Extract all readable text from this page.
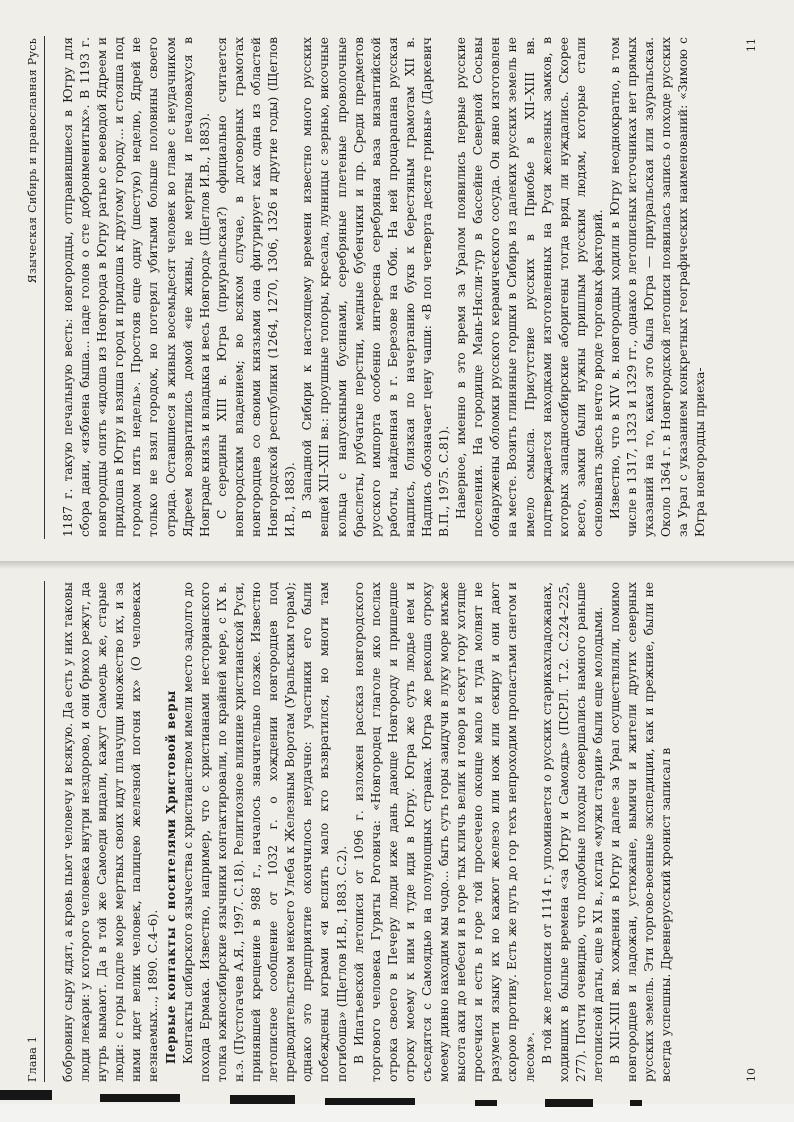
Глава 1 бобровину сыру ядят, а кровь пьют человечу и всякую. Да есть у них таковы люди лекари: у которого человека внутри нездорово, и они брюхо режут, да нутрь вымают. Да в той же Самоеди видали, кажут Самоедь же, старые люди: с горы подле море мертвых своих идут плачущи множество их, и за ними идет велик человек, палицею железной погоня их» (О человеках незнаемых..., 1890. С.4–6). Первые контакты с носителями Христовой веры Контакты сибирского язычества с христианством имели место задолго до похода Ермака. Известно, например, что с христианами несторианского толка южносибирские язычники контактировали, по крайней мере, с IX в. н.э. (Пустогачев А.Я., 1997. С.18). Религиозное влияние христианской Руси, принявшей крещение в 988 г., началось значительно позже. Известно летописное сообщение от 1032 г. о хождении новгородцев под предводительством некоего Улеба к Железным Воротам (Уральским горам); однако это предприятие окончилось неудачно: участники его были побеждены юграми «и вспять мало кто възвратился, но многи там погибоша» (Щеглов И.В., 1883. С.2). В Ипатьевской летописи от 1096 г. изложен рассказ новгородского торгового человека Гуряты Роговича: «Новгородец глаголе яко послах отрока своего в Печеру люди иже дань дающе Новгороду и пришедше отроку моему к ним и туде иди в Югру. Югра же суть людье нем и съседятся с Самоядью на полунощных странах. Югра же рекоша отроку моему дивно находим мы чодо... быть суть горы заидучи в луку море имъже высота аки до небеси и в горе тых кличь велик и говор и секут гору хотяще просечися и есть в горе той просечено оконце мало и туда молвят не разумети языку их но кажют железо или нож или секиру и они дают скорою противу. Есть же путь до гор техъ непроходим пропастьми снегом и лесом». В той же летописи от 1114 г. упоминается о русских старикахладожанах, ходивших в былые времена «за Югру и Самоядь» (ПСРЛ. Т.2. С.224–225, 277). Почти очевидно, что подобные походы совершались намного раньше летописной даты, еще в XI в., когда «мужи старии» были еще молодыми. В XII–XIII вв. хождения в Югру и далее за Урал осуществляли, помимо новгородцев и ладожан, устюжане, вымичи и жители других северных русских земель. Эти торгово-военные экспедиции, как и прежние, были не всегда успешны. Древнерусский хронист записал в	10
Языческая Сибирь и православная Русь 1187 г. такую печальную весть: новгородцы, отправившиеся в Югру для сбора дани, «избиена быша... паде голов о сте добронменитых». В 1193 г. новгородцы опять «идоша из Новгорода в Югру ратью с воеводой Ядреем и придоша в Югру и взяша город и придоша к другому городу... и стояша под городом пять недель». Простояв еще одну (шестую) неделю, Ядрей не только не взял городок, но потерял убитыми больше половины своего отряда. Оставшиеся в живых восемьдесят человек во главе с неудачником Ядреем возвратились домой «не живы, не мертвы и печаловахуся в Новграде князь и владыка и весь Новгород» (Щеглов И.В., 1883). С середины XIII в. Югра (приуральская?) официально считается новгородским владением; во всяком случае, в договорных грамотах новгородцев со своими князьями она фигурирует как одна из областей Новгородской республики (1264, 1270, 1306, 1326 и другие годы) (Щеглов И.В., 1883). В Западной Сибири к настоящему времени известно много русских вещей XII–XIII вв.: проушные топоры, кресала, лунницы с зернью, височные кольца с напускными бусинами, серебряные плетеные проволочные браслеты, рубчатые перстни, медные бубенчики и пр. Среди предметов русского импорта особенно интересна серебряная ваза византийской работы, найденная в г. Березове на Оби. На ней процарапана русская надпись, близкая по начертанию букв к берестяным грамотам XII в. Надпись обозначает цену чаши: «В пол четверта десяте гривьн» (Даркевич В.П., 1975. С.81). Наверное, именно в это время за Уралом появились первые русские поселения. На городище Мань-Нясли-тур в бассейне Северной Сосьвы обнаружены обломки русского керамического сосуда. Он явно изготовлен на месте. Возить глиняные горшки в Сибирь из далеких русских земель не имело смысла. Присутствие русских в Приобье в XII–XIII вв. подтверждается находками изготовленных на Руси железных замков, в которых западносибирские аборигены тогда вряд ли нуждались. Скорее всего, замки были нужны пришлым русским людям, которые стали основывать здесь нечто вроде торговых факторий. Известно, что в XIV в. новгородцы ходили в Югру неоднократно, в том числе в 1317, 1323 и 1329 гг., однако в летописных источниках нет прямых указаний на то, какая это была Югра — приуральская или зауральская. Около 1364 г. в Новгородской летописи появилась запись о походе русских за Урал с указанием конкретных географических наименований: «Зимою с Югра новгородцы приеха-

11
